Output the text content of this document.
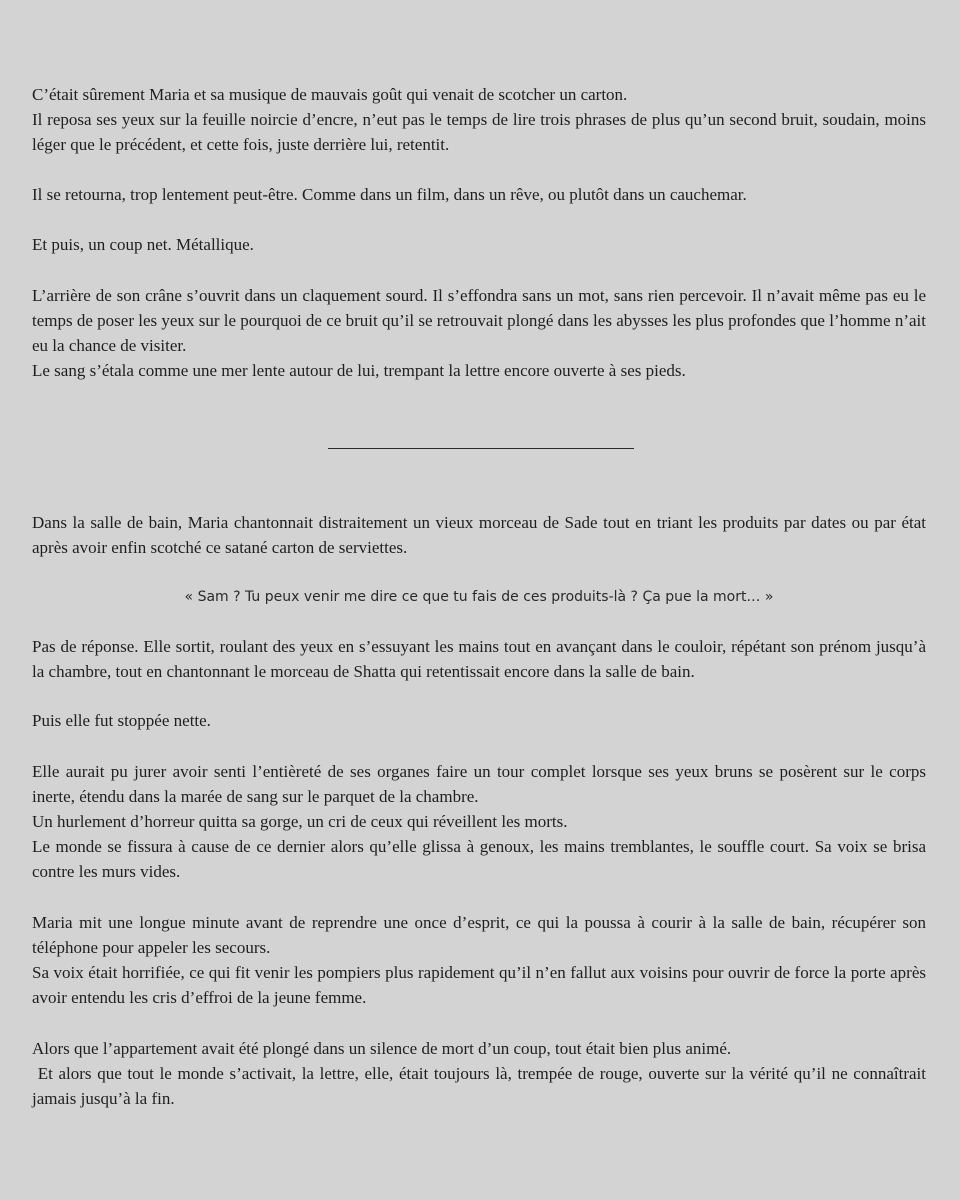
C’était sûrement Maria et sa musique de mauvais goût qui venait de scotcher un carton.

Il reposa ses yeux sur la feuille noircie d’encre, n’eut pas le temps de lire trois phrases de plus qu’un second bruit, soudain, moins léger que le précédent, et cette fois, juste derrière lui, retentit.

Il se retourna, trop lentement peut-être. Comme dans un film, dans un rêve, ou plutôt dans un cauchemar.

Et puis, un coup net. Métallique.

L’arrière de son crâne s’ouvrit dans un claquement sourd. Il s’effondra sans un mot, sans rien percevoir. Il n’avait même pas eu le temps de poser les yeux sur le pourquoi de ce bruit qu’il se retrouvait plongé dans les abysses les plus profondes que l’homme n’ait eu la chance de visiter.

Le sang s’étala comme une mer lente autour de lui, trempant la lettre encore ouverte à ses pieds.

Dans la salle de bain, Maria chantonnait distraitement un vieux morceau de Sade tout en triant les produits par dates ou par état après avoir enfin scotché ce satané carton de serviettes.

« Sam ? Tu peux venir me dire ce que tu fais de ces produits-là ? Ça pue la mort… »

Pas de réponse. Elle sortit, roulant des yeux en s’essuyant les mains tout en avançant dans le couloir, répétant son prénom jusqu’à la chambre, tout en chantonnant le morceau de Shatta qui retentissait encore dans la salle de bain.

Puis elle fut stoppée nette.

Elle aurait pu jurer avoir senti l’entièreté de ses organes faire un tour complet lorsque ses yeux bruns se posèrent sur le corps inerte, étendu dans la marée de sang sur le parquet de la chambre.

Un hurlement d’horreur quitta sa gorge, un cri de ceux qui réveillent les morts.

Le monde se fissura à cause de ce dernier alors qu’elle glissa à genoux, les mains tremblantes, le souffle court. Sa voix se brisa contre les murs vides.

Maria mit une longue minute avant de reprendre une once d’esprit, ce qui la poussa à courir à la salle de bain, récupérer son téléphone pour appeler les secours.

Sa voix était horrifiée, ce qui fit venir les pompiers plus rapidement qu’il n’en fallut aux voisins pour ouvrir de force la porte après avoir entendu les cris d’effroi de la jeune femme.

Alors que l’appartement avait été plongé dans un silence de mort d’un coup, tout était bien plus animé.

Et alors que tout le monde s’activait, la lettre, elle, était toujours là, trempée de rouge, ouverte sur la vérité qu’il ne connaîtrait jamais jusqu’à la fin.
